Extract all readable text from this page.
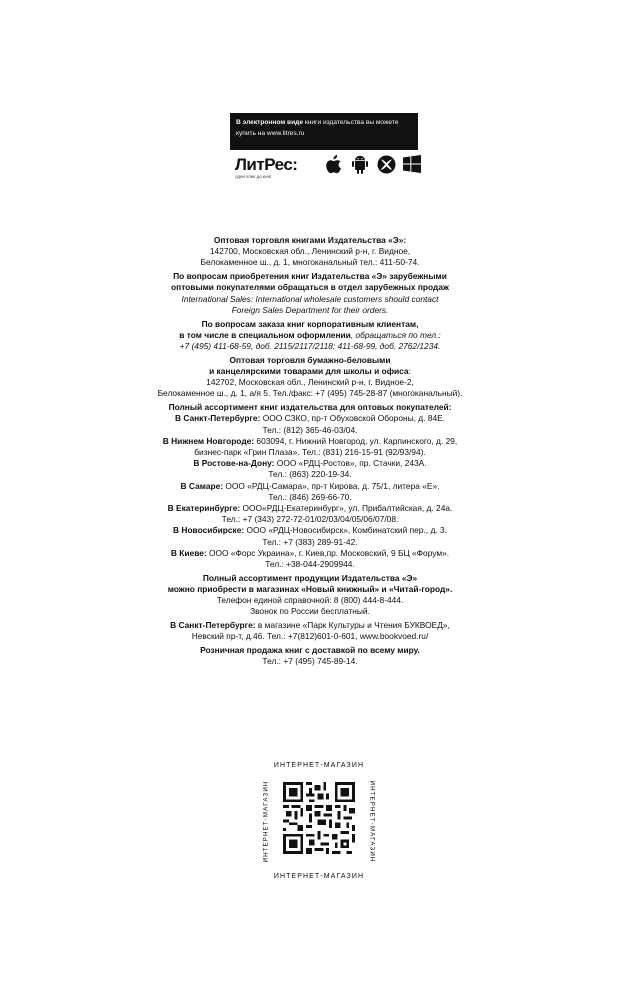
В электронном виде книги издательства вы можете
купить на www.litres.ru
ЛитРес:
один клик до книг

Оптовая торговля книгами Издательства «Э»:
142700, Московская обл., Ленинский р-н, г. Видное,
Белокаменное ш., д. 1, многоканальный тел.: 411-50-74.

По вопросам приобретения книг Издательства «Э» зарубежными
оптовыми покупателями обращаться в отдел зарубежных продаж
International Sales: International wholesale customers should contact
Foreign Sales Department for their orders.

По вопросам заказа книг корпоративным клиентам,
в том числе в специальном оформлении, обращаться по тел.:
+7 (495) 411-68-59, доб. 2115/2117/2118; 411-68-99, доб. 2762/1234.

Оптовая торговля бумажно-беловыми
и канцелярскими товарами для школы и офиса:
142702, Московская обл., Ленинский р-н, г. Видное-2,
Белокаменное ш., д. 1, а/я 5. Тел./факс: +7 (495) 745-28-87 (многоканальный).

Полный ассортимент книг издательства для оптовых покупателей:
В Санкт-Петербурге: ООО СЗКО, пр-т Обуховской Обороны, д. 84Е.
Тел.: (812) 365-46-03/04.
В Нижнем Новгороде: 603094, г. Нижний Новгород, ул. Карпинского, д. 29,
бизнес-парк «Грин Плаза». Тел.: (831) 216-15-91 (92/93/94).
В Ростове-на-Дону: ООО «РДЦ-Ростов», пр. Стачки, 243А.
Тел.: (863) 220-19-34.
В Самаре: ООО «РДЦ-Самара», пр-т Кирова, д. 75/1, литера «Е».
Тел.: (846) 269-66-70.
В Екатеринбурге: ООО«РДЦ-Екатеринбург», ул. Прибалтийская, д. 24а.
Тел.: +7 (343) 272-72-01/02/03/04/05/06/07/08.
В Новосибирске: ООО «РДЦ-Новосибирск», Комбинатский пер., д. 3.
Тел.: +7 (383) 289-91-42.
В Киеве: ООО «Форс Украина», г. Киев,пр. Московский, 9 БЦ «Форум».
Тел.: +38-044-2909944.

Полный ассортимент продукции Издательства «Э»
можно приобрести в магазинах «Новый книжный» и «Читай-город».
Телефон единой справочной: 8 (800) 444-8-444.
Звонок по России бесплатный.

В Санкт-Петербурге: в магазине «Парк Культуры и Чтения БУКВОЕД»,
Невский пр-т, д.46. Тел.: +7(812)601-0-601, www.bookvoed.ru/

Розничная продажа книг с доставкой по всему миру.
Тел.: +7 (495) 745-89-14.

ИНТЕРНЕТ-МАГАЗИН
ИНТЕРНЕТ-МАГАЗИН	ИНТЕРНЕТ-МАГАЗИН
ИНТЕРНЕТ-МАГАЗИН
